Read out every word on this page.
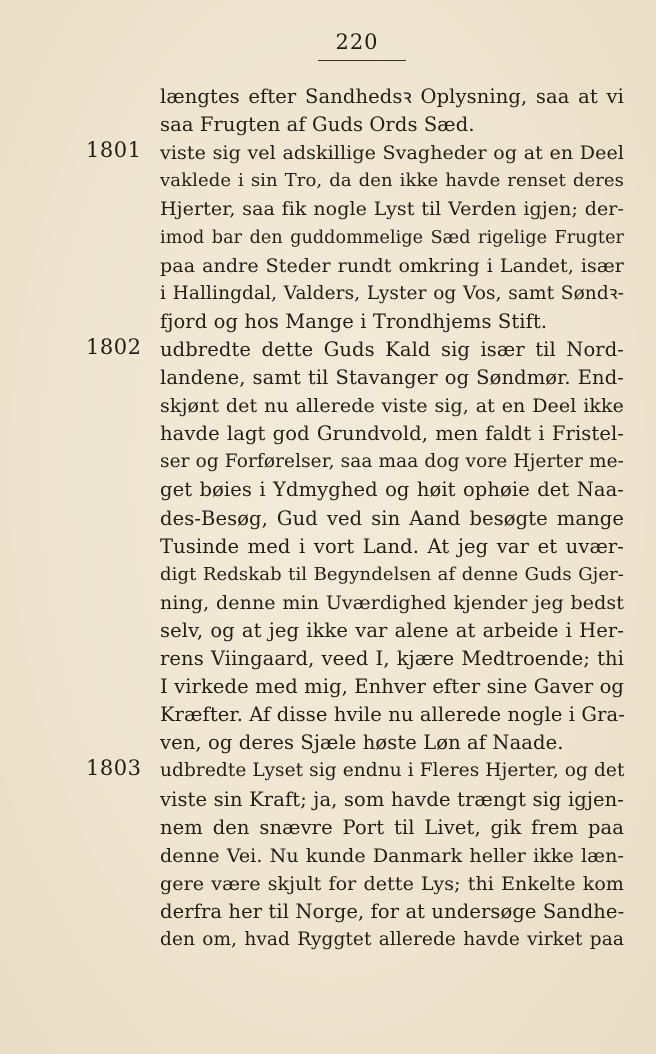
220
1801
1802
1803
længtes efter Sandhedsꝛ Oplysning, saa at vi
saa Frugten af Guds Ords Sæd.
viste sig vel adskillige Svagheder og at en Deel
vaklede i sin Tro, da den ikke havde renset deres
Hjerter, saa fik nogle Lyst til Verden igjen; der-
imod bar den guddommelige Sæd rigelige Frugter
paa andre Steder rundt omkring i Landet, især
i Hallingdal, Valders, Lyster og Vos, samt Søndꝛ-
fjord og hos Mange i Trondhjems Stift.
udbredte dette Guds Kald sig især til Nord-
landene, samt til Stavanger og Søndmør. End-
skjønt det nu allerede viste sig, at en Deel ikke
havde lagt god Grundvold, men faldt i Fristel-
ser og Forførelser, saa maa dog vore Hjerter me-
get bøies i Ydmyghed og høit ophøie det Naa-
des-Besøg, Gud ved sin Aand besøgte mange
Tusinde med i vort Land. At jeg var et uvær-
digt Redskab til Begyndelsen af denne Guds Gjer-
ning, denne min Uværdighed kjender jeg bedst
selv, og at jeg ikke var alene at arbeide i Her-
rens Viingaard, veed I, kjære Medtroende; thi
I virkede med mig, Enhver efter sine Gaver og
Kræfter. Af disse hvile nu allerede nogle i Gra-
ven, og deres Sjæle høste Løn af Naade.
udbredte Lyset sig endnu i Fleres Hjerter, og det
viste sin Kraft; ja, som havde trængt sig igjen-
nem den snævre Port til Livet, gik frem paa
denne Vei. Nu kunde Danmark heller ikke læn-
gere være skjult for dette Lys; thi Enkelte kom
derfra her til Norge, for at undersøge Sandhe-
den om, hvad Ryggtet allerede havde virket paa
